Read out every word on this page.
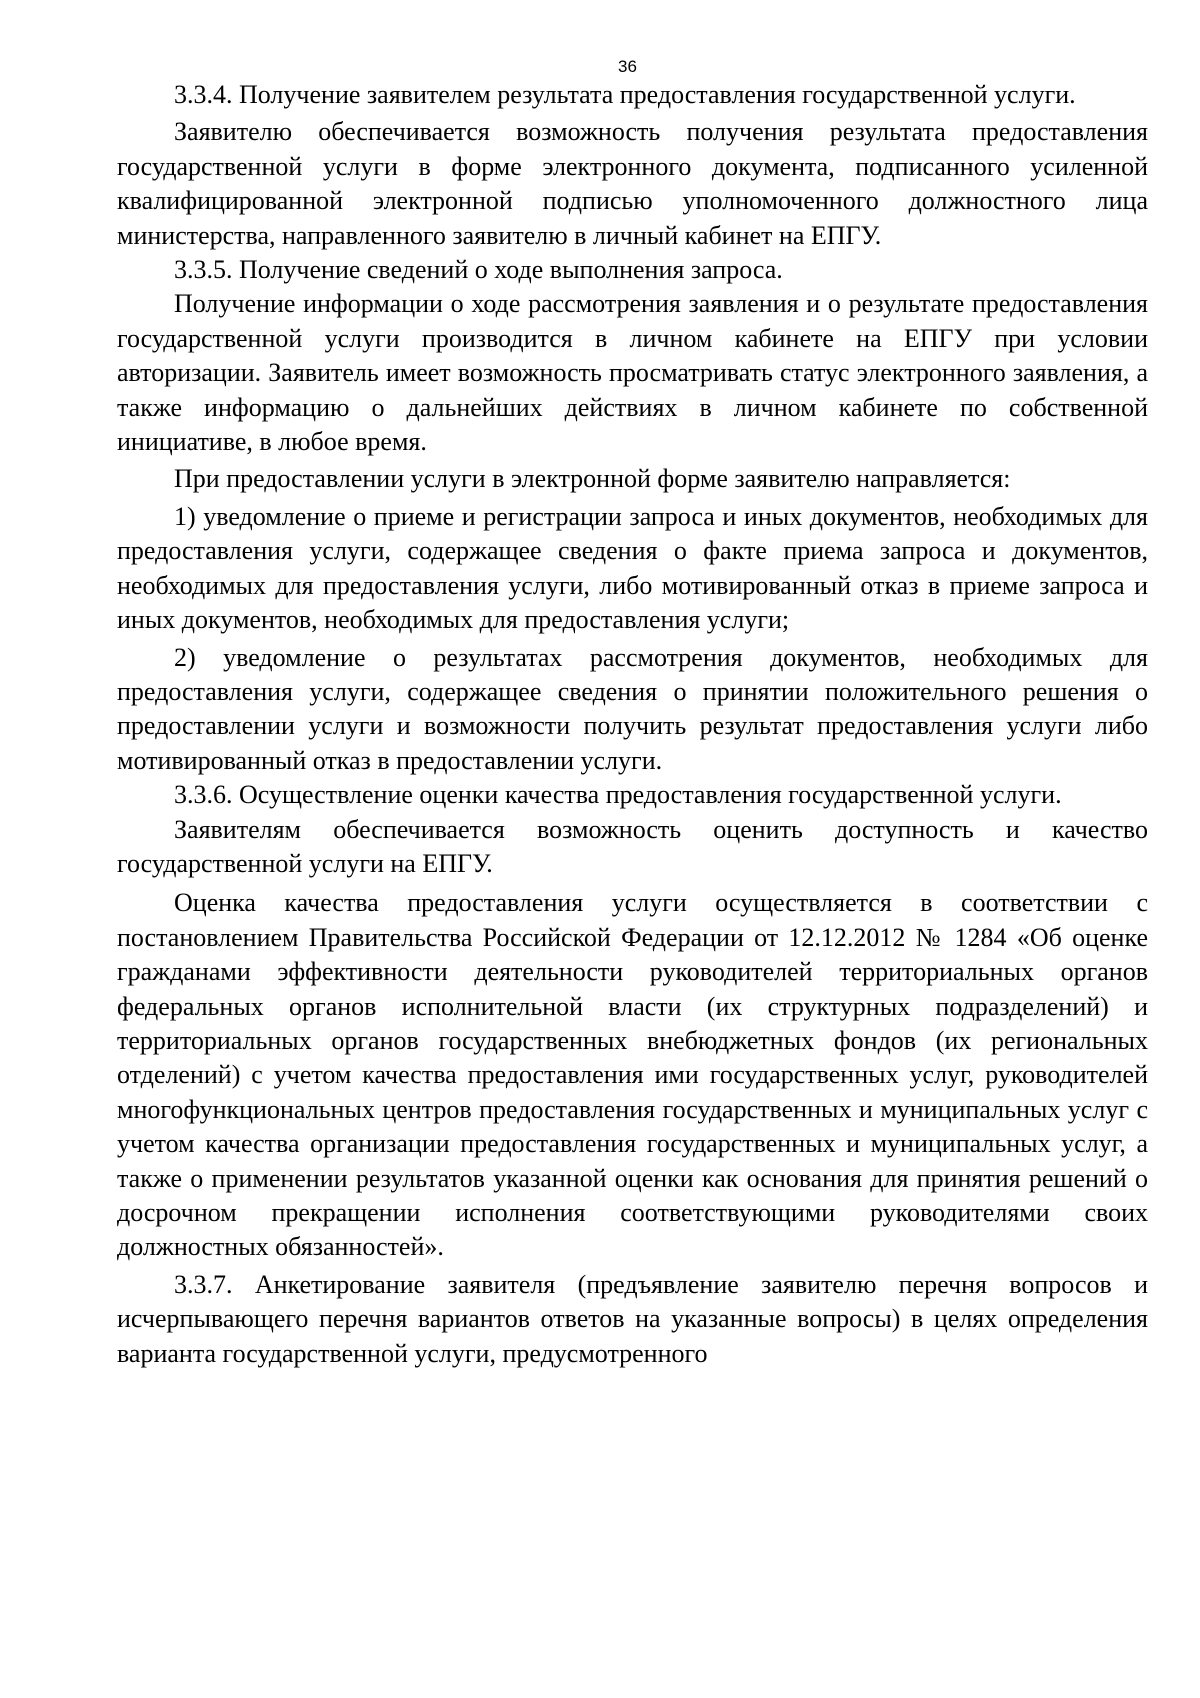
36

3.3.4. Получение заявителем результата предоставления государственной услуги.

Заявителю обеспечивается возможность получения результата предоставления государственной услуги в форме электронного документа, подписанного усиленной квалифицированной электронной подписью уполномоченного должностного лица министерства, направленного заявителю в личный кабинет на ЕПГУ.

3.3.5. Получение сведений о ходе выполнения запроса.

Получение информации о ходе рассмотрения заявления и о результате предоставления государственной услуги производится в личном кабинете на ЕПГУ при условии авторизации. Заявитель имеет возможность просматривать статус электронного заявления, а также информацию о дальнейших действиях в личном кабинете по собственной инициативе, в любое время.

При предоставлении услуги в электронной форме заявителю направляется:

1) уведомление о приеме и регистрации запроса и иных документов, необходимых для предоставления услуги, содержащее сведения о факте приема запроса и документов, необходимых для предоставления услуги, либо мотивированный отказ в приеме запроса и иных документов, необходимых для предоставления услуги;

2) уведомление о результатах рассмотрения документов, необходимых для предоставления услуги, содержащее сведения о принятии положительного решения о предоставлении услуги и возможности получить результат предоставления услуги либо мотивированный отказ в предоставлении услуги.

3.3.6. Осуществление оценки качества предоставления государственной услуги.

Заявителям обеспечивается возможность оценить доступность и качество государственной услуги на ЕПГУ.

Оценка качества предоставления услуги осуществляется в соответствии с постановлением Правительства Российской Федерации от 12.12.2012 № 1284 «Об оценке гражданами эффективности деятельности руководителей территориальных органов федеральных органов исполнительной власти (их структурных подразделений) и территориальных органов государственных внебюджетных фондов (их региональных отделений) с учетом качества предоставления ими государственных услуг, руководителей многофункциональных центров предоставления государственных и муниципальных услуг с учетом качества организации предоставления государственных и муниципальных услуг, а также о применении результатов указанной оценки как основания для принятия решений о досрочном прекращении исполнения соответствующими руководителями своих должностных обязанностей».

3.3.7. Анкетирование заявителя (предъявление заявителю перечня вопросов и исчерпывающего перечня вариантов ответов на указанные вопросы) в целях определения варианта государственной услуги, предусмотренного
